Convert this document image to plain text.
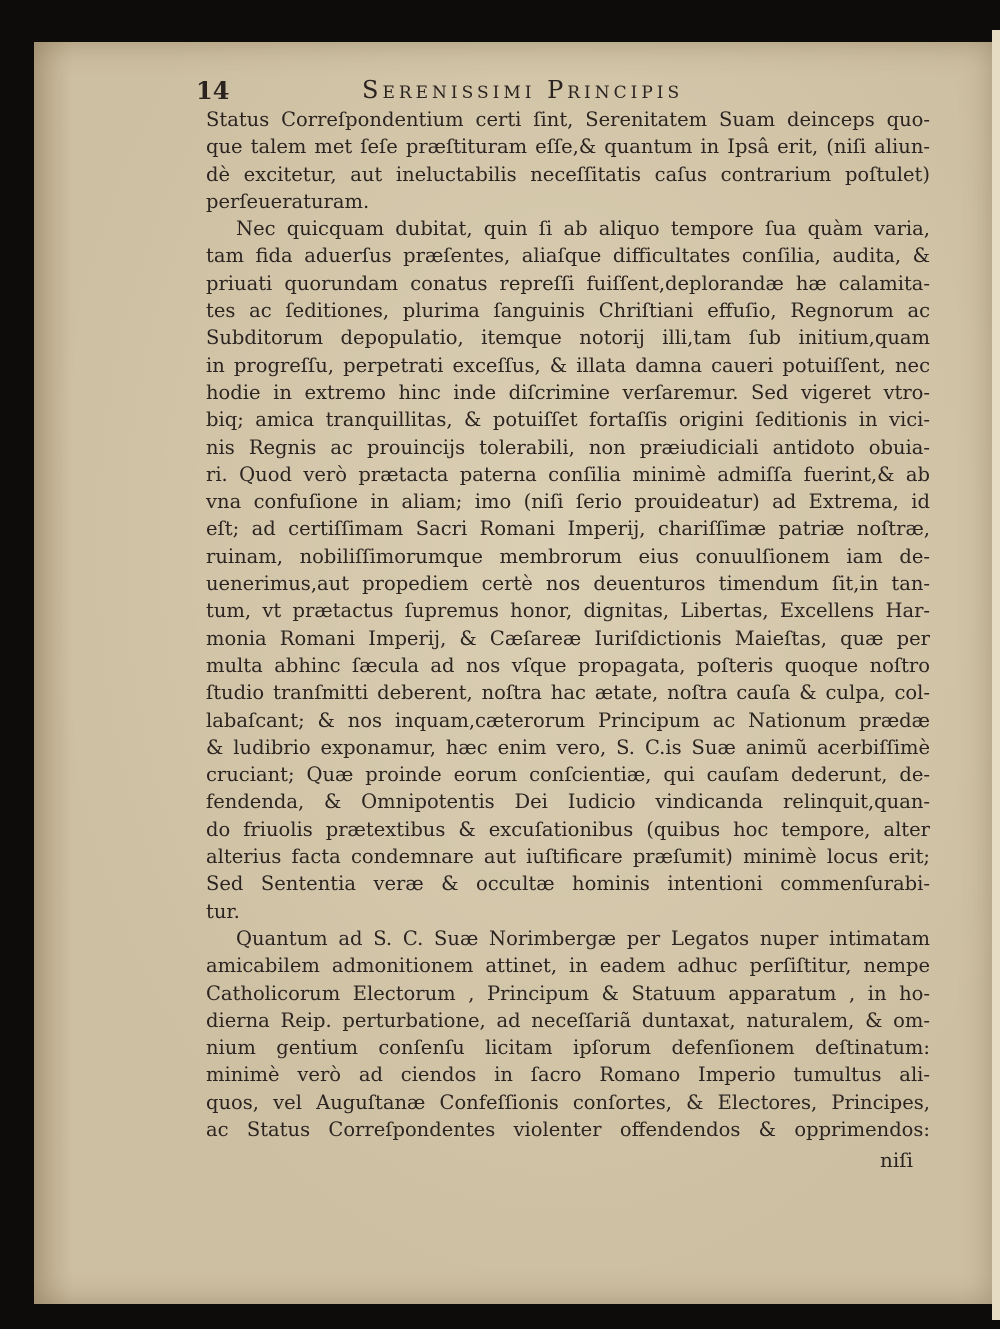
14	Serenissimi Principis
Status Correſpondentium certi ſint, Serenitatem Suam deinceps quo-
que talem met ſeſe præſtituram eſſe,& quantum in Ipsâ erit, (niſi aliun-
dè excitetur, aut ineluctabilis neceſſitatis caſus contrarium poſtulet)
perſeueraturam.
Nec quicquam dubitat, quin ſi ab aliquo tempore ſua quàm varia,
tam fida aduerſus præſentes, aliaſque difficultates conſilia, audita, &
priuati quorundam conatus repreſſi fuiſſent,deplorandæ hæ calamita-
tes ac ſeditiones, plurima ſanguinis Chriſtiani effuſio, Regnorum ac
Subditorum depopulatio, itemque notorij illi,tam ſub initium,quam
in progreſſu, perpetrati exceſſus, & illata damna caueri potuiſſent, nec
hodie in extremo hinc inde diſcrimine verſaremur. Sed vigeret vtro-
biq; amica tranquillitas, & potuiſſet fortaſſis origini ſeditionis in vici-
nis Regnis ac prouincijs tolerabili, non præiudiciali antidoto obuia-
ri. Quod verò prætacta paterna conſilia minimè admiſſa fuerint,& ab
vna confuſione in aliam; imo (niſi ſerio prouideatur) ad Extrema, id
eſt; ad certiſſimam Sacri Romani Imperij, chariſſimæ patriæ noſtræ,
ruinam, nobiliſſimorumque membrorum eius conuulſionem iam de-
uenerimus,aut propediem certè nos deuenturos timendum ſit,in tan-
tum, vt prætactus ſupremus honor, dignitas, Libertas, Excellens Har-
monia Romani Imperij, & Cæſareæ Iuriſdictionis Maieſtas, quæ per
multa abhinc ſæcula ad nos vſque propagata, poſteris quoque noſtro
ſtudio tranſmitti deberent, noſtra hac ætate, noſtra cauſa & culpa, col-
labaſcant; & nos inquam,cæterorum Principum ac Nationum prædæ
& ludibrio exponamur, hæc enim vero, S. C.is Suæ animũ acerbiſſimè
cruciant; Quæ proinde eorum conſcientiæ, qui cauſam dederunt, de-
fendenda, & Omnipotentis Dei Iudicio vindicanda relinquit,quan-
do friuolis prætextibus & excuſationibus (quibus hoc tempore, alter
alterius facta condemnare aut iuſtificare præſumit) minimè locus erit;
Sed Sententia veræ & occultæ hominis intentioni commenſurabi-
tur.
Quantum ad S. C. Suæ Norimbergæ per Legatos nuper intimatam
amicabilem admonitionem attinet, in eadem adhuc perſiſtitur, nempe
Catholicorum Electorum , Principum & Statuum apparatum , in ho-
dierna Reip. perturbatione, ad neceſſariã duntaxat, naturalem, & om-
nium gentium conſenſu licitam ipſorum defenſionem deſtinatum:
minimè verò ad ciendos in ſacro Romano Imperio tumultus ali-
quos, vel Auguſtanæ Confeſſionis conſortes, & Electores, Principes,
ac Status Correſpondentes violenter offendendos & opprimendos:
niſi
